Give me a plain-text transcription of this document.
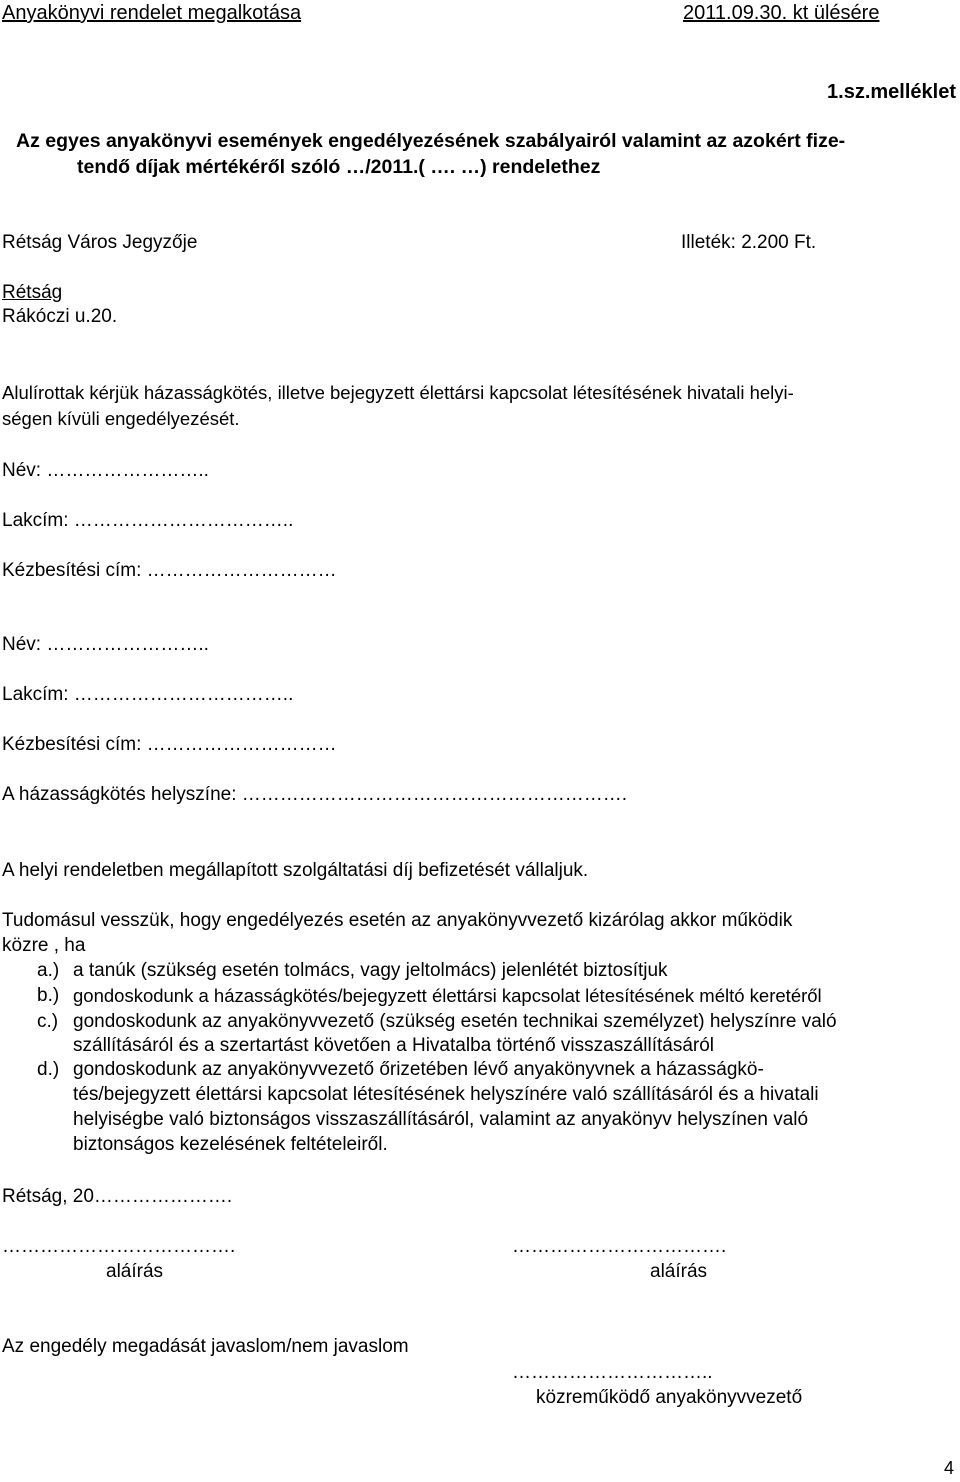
Anyakönyvi rendelet megalkotása	2011.09.30. kt ülésére
1.sz.melléklet
Az egyes anyakönyvi események engedélyezésének szabályairól valamint az azokért fize-
tendő díjak mértékéről szóló …/2011.( …. …) rendelethez
Rétság Város Jegyzője	Illeték: 2.200 Ft.
Rétság
Rákóczi u.20.
Alulírottak kérjük házasságkötés, illetve bejegyzett élettársi kapcsolat létesítésének hivatali helyi-
ségen kívüli engedélyezését.
Név: ……………………..
Lakcím: ……………………………..
Kézbesítési cím: …………………………
Név: ……………………..
Lakcím: ……………………………..
Kézbesítési cím: …………………………
A házasságkötés helyszíne: …………………………………………………….
A helyi rendeletben megállapított szolgáltatási díj befizetését vállaljuk.
Tudomásul vesszük, hogy engedélyezés esetén az anyakönyvvezető kizárólag akkor működik
közre , ha
a.) a tanúk (szükség esetén tolmács, vagy jeltolmács) jelenlétét biztosítjuk
b.) gondoskodunk a házasságkötés/bejegyzett élettársi kapcsolat létesítésének méltó keretéről
c.) gondoskodunk az anyakönyvvezető (szükség esetén technikai személyzet) helyszínre való
szállításáról és a szertartást követően a Hivatalba történő visszaszállításáról
d.) gondoskodunk az anyakönyvvezető őrizetében lévő anyakönyvnek a házasságkö-
tés/bejegyzett élettársi kapcsolat létesítésének helyszínére való szállításáról és a hivatali
helyiségbe való biztonságos visszaszállításáról, valamint az anyakönyv helyszínen való
biztonságos kezelésének feltételeiről.
Rétság, 20………………….
……………………………….
aláírás
…………………………….
aláírás
Az engedély megadását javaslom/nem javaslom
…………………………..
közreműködő anyakönyvvezető
4
